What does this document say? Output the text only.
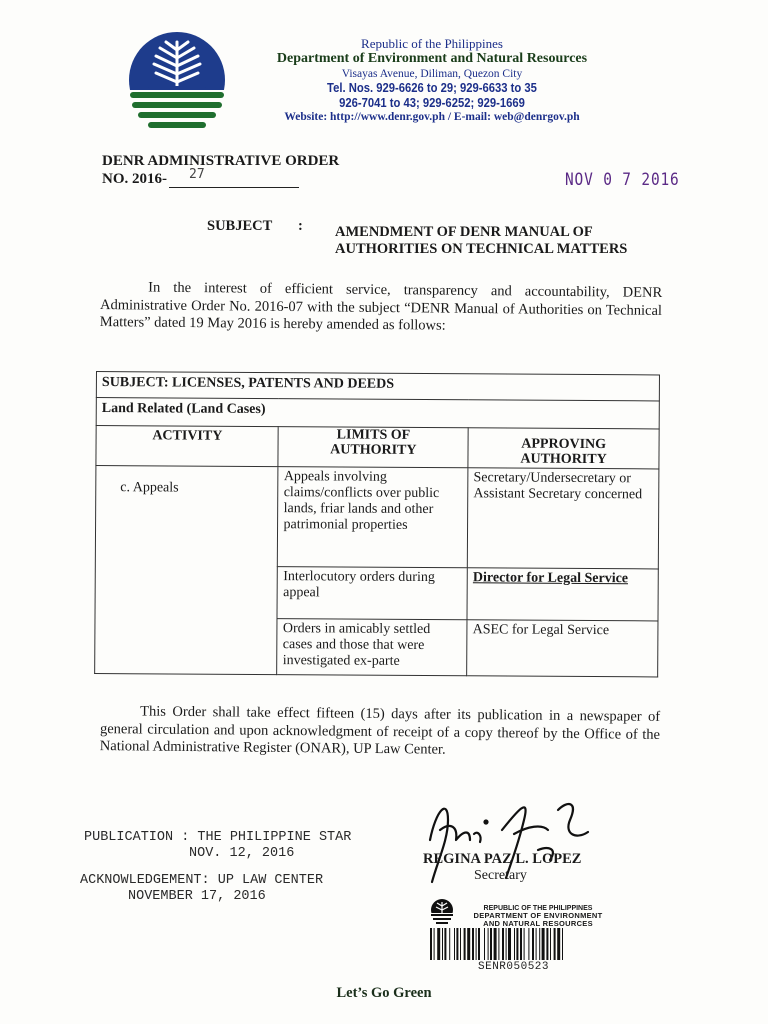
Republic of the Philippines
Department of Environment and Natural Resources
Visayas Avenue, Diliman, Quezon City
Tel. Nos. 929-6626 to 29; 929-6633 to 35
926-7041 to 43; 929-6252; 929-1669
Website: http://www.denr.gov.ph / E-mail: web@denrgov.ph
DENR ADMINISTRATIVE ORDER
NO. 2016- 27	NOV 0 7 2016
SUBJECT : AMENDMENT OF DENR MANUAL OF AUTHORITIES ON TECHNICAL MATTERS
In the interest of efficient service, transparency and accountability, DENR Administrative Order No. 2016-07 with the subject “DENR Manual of Authorities on Technical Matters” dated 19 May 2016 is hereby amended as follows:
SUBJECT: LICENSES, PATENTS AND DEEDS		
Land Related (Land Cases)		
ACTIVITY	LIMITS OF AUTHORITY	APPROVING AUTHORITY
c. Appeals	Appeals involving claims/conflicts over public lands, friar lands and other patrimonial properties	Secretary/Undersecretary or Assistant Secretary concerned
	Interlocutory orders during appeal	Director for Legal Service
	Orders in amicably settled cases and those that were investigated ex-parte	ASEC for Legal Service
This Order shall take effect fifteen (15) days after its publication in a newspaper of general circulation and upon acknowledgment of receipt of a copy thereof by the Office of the National Administrative Register (ONAR), UP Law Center.
PUBLICATION : THE PHILIPPINE STAR
NOV. 12, 2016
ACKNOWLEDGEMENT: UP LAW CENTER
NOVEMBER 17, 2016
REGINA PAZ L. LOPEZ
Secretary
REPUBLIC OF THE PHILIPPINES
DEPARTMENT OF ENVIRONMENT
AND NATURAL RESOURCES
SENR050523
Let’s Go Green
